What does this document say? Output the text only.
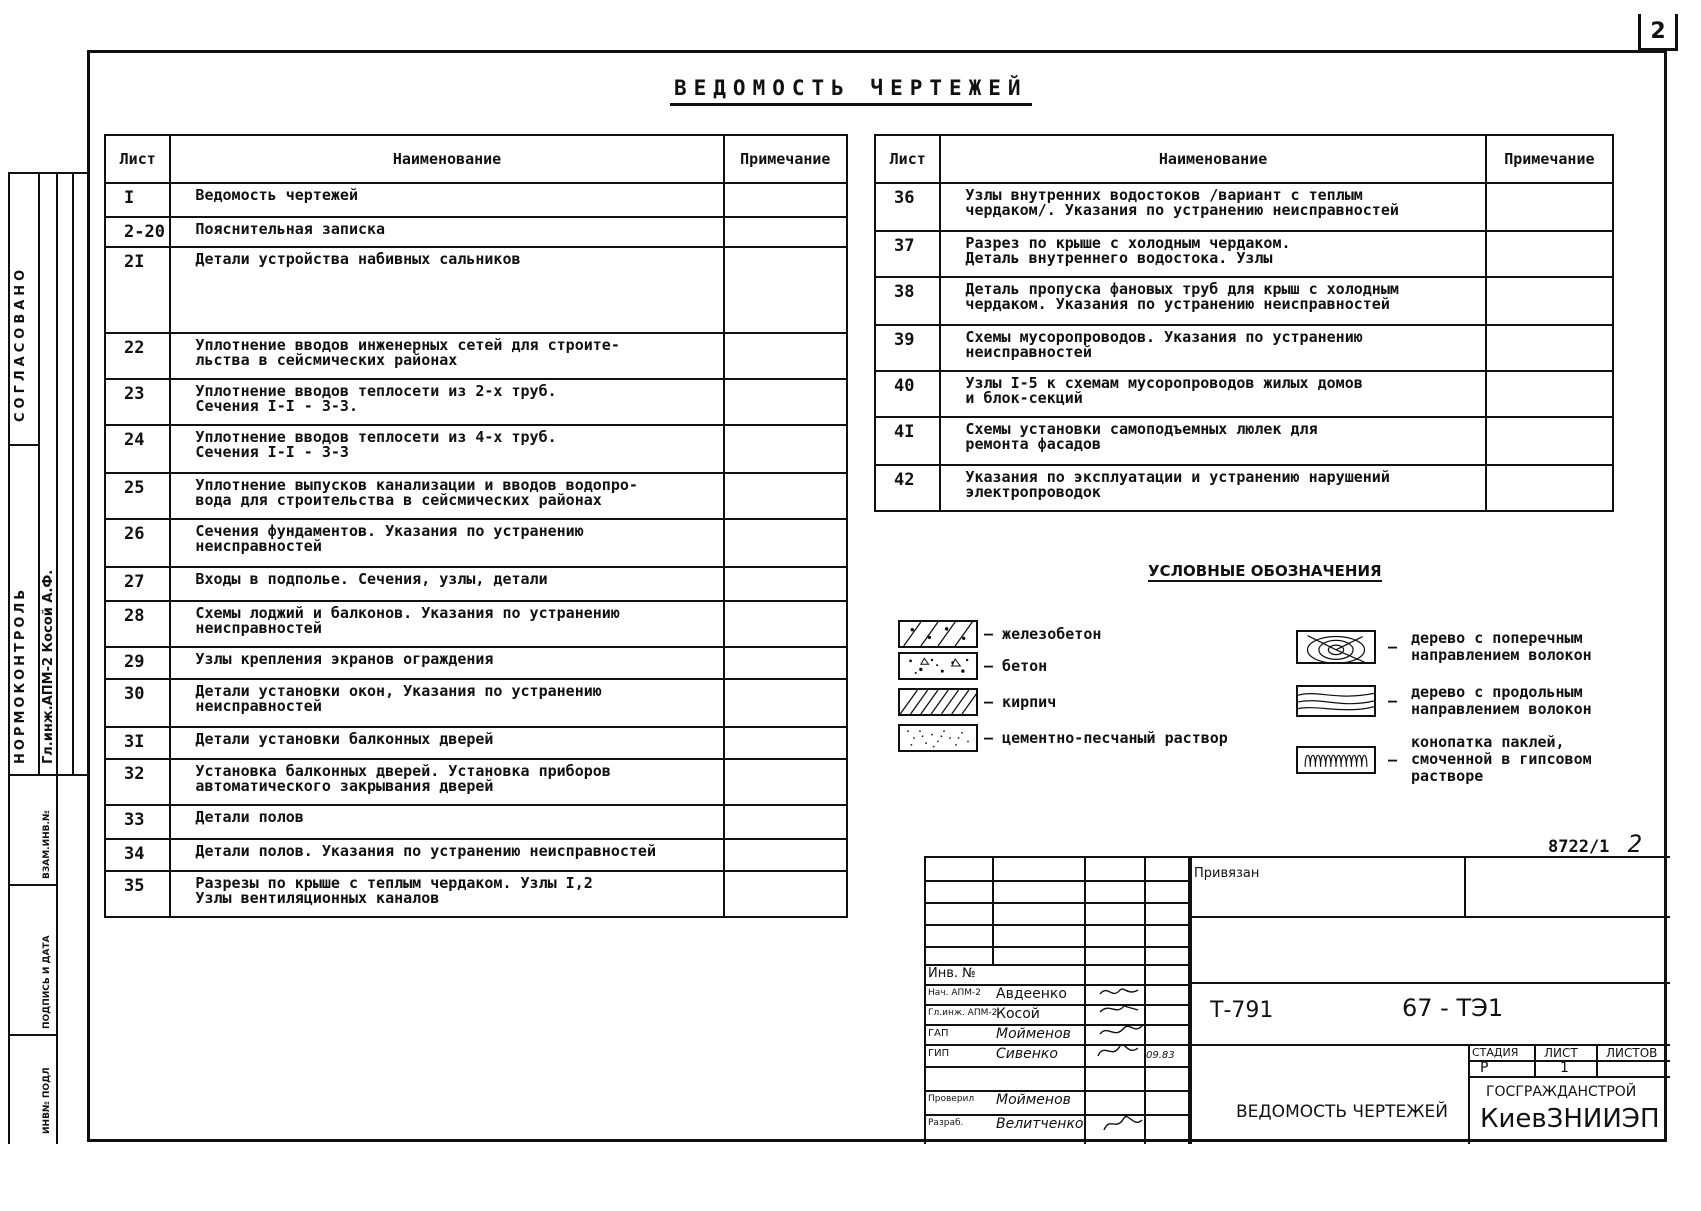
2
СОГЛАСОВАНО
НОРМОКОНТРОЛЬ Гл.инж.АПМ-2 Косой А.Ф.
ВЗАМ.ИНВ.№
ПОДПИСЬ И ДАТА
ИНВ№ ПОДЛ
ВЕДОМОСТЬ ЧЕРТЕЖЕЙ
Лист	Наименование	Примечание
I	Ведомость чертежей	
2-20	Пояснительная записка	
2I	Детали устройства набивных сальников	
22	Уплотнение вводов инженерных сетей для строите-
льства в сейсмических районах	
23	Уплотнение вводов теплосети из 2-х труб.
Сечения I-I - 3-3.	
24	Уплотнение вводов теплосети из 4-х труб.
Сечения I-I - 3-3	
25	Уплотнение выпусков канализации и вводов водопро-
вода для строительства в сейсмических районах	
26	Сечения фундаментов. Указания по устранению
неисправностей	
27	Входы в подполье. Сечения, узлы, детали	
28	Схемы лоджий и балконов. Указания по устранению
неисправностей	
29	Узлы крепления экранов ограждения	
30	Детали установки окон, Указания по устранению
неисправностей	
3I	Детали установки балконных дверей	
32	Установка балконных дверей. Установка приборов
автоматического закрывания дверей	
33	Детали полов	
34	Детали полов. Указания по устранению неисправностей	
35	Разрезы по крыше с теплым чердаком. Узлы I,2
Узлы вентиляционных каналов	
Лист	Наименование	Примечание
36	Узлы внутренних водостоков /вариант с теплым
чердаком/. Указания по устранению неисправностей	
37	Разрез по крыше с холодным чердаком.
Деталь внутреннего водостока. Узлы	
38	Деталь пропуска фановых труб для крыш с холодным
чердаком. Указания по устранению неисправностей	
39	Схемы мусоропроводов. Указания по устранению
неисправностей	
40	Узлы I-5 к схемам мусоропроводов жилых домов
и блок-секций	
4I	Схемы установки самоподъемных люлек для
ремонта фасадов	
42	Указания по эксплуатации и устранению нарушений
электропроводок	
УСЛОВНЫЕ ОБОЗНАЧЕНИЯ
— железобетон
— бетон
— кирпич
— цементно-песчаный раствор
— дерево с поперечным
направлением волокон
— дерево с продольным
направлением волокон
—
конопатка паклей,
смоченной в гипсовом
растворе
8722/1 2
Привязан
Инв. №
Нач. АПМ-2 Авдеенко
Гл.инж. АПМ-2
Косой
ГАП	Мойменов
ГИП	Сивенко	09.83
Проверил Мойменов
Разраб. Велитченко
Т-791	67 - ТЭ1
СТАДИЯ ЛИСТ ЛИСТОВ
Р	1
ВЕДОМОСТЬ ЧЕРТЕЖЕЙ
ГОСГРАЖДАНСТРОЙ
КиевЗНИИЭП
